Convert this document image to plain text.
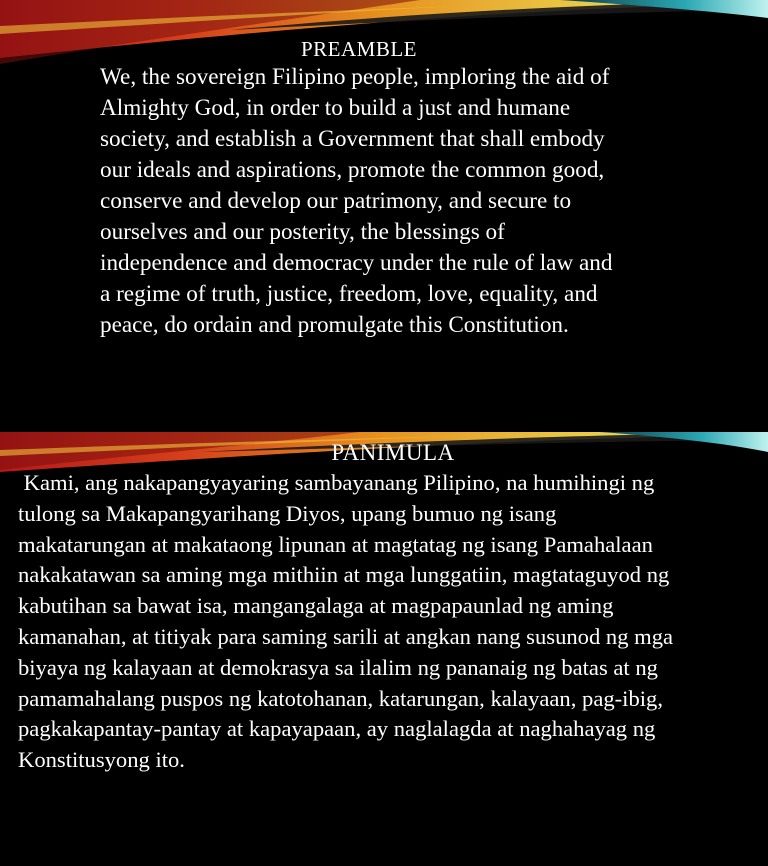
PREAMBLE
We, the sovereign Filipino people, imploring the aid of
Almighty God, in order to build a just and humane
society, and establish a Government that shall embody
our ideals and aspirations, promote the common good,
conserve and develop our patrimony, and secure to
ourselves and our posterity, the blessings of
independence and democracy under the rule of law and
a regime of truth, justice, freedom, love, equality, and
peace, do ordain and promulgate this Constitution.
PANIMULA
Kami, ang nakapangyayaring sambayanang Pilipino, na humihingi ng
tulong sa Makapangyarihang Diyos, upang bumuo ng isang
makatarungan at makataong lipunan at magtatag ng isang Pamahalaan
nakakatawan sa aming mga mithiin at mga lunggatiin, magtataguyod ng
kabutihan sa bawat isa, mangangalaga at magpapaunlad ng aming
kamanahan, at titiyak para saming sarili at angkan nang susunod ng mga
biyaya ng kalayaan at demokrasya sa ilalim ng pananaig ng batas at ng
pamamahalang puspos ng katotohanan, katarungan, kalayaan, pag-ibig,
pagkakapantay-pantay at kapayapaan, ay naglalagda at naghahayag ng
Konstitusyong ito.
